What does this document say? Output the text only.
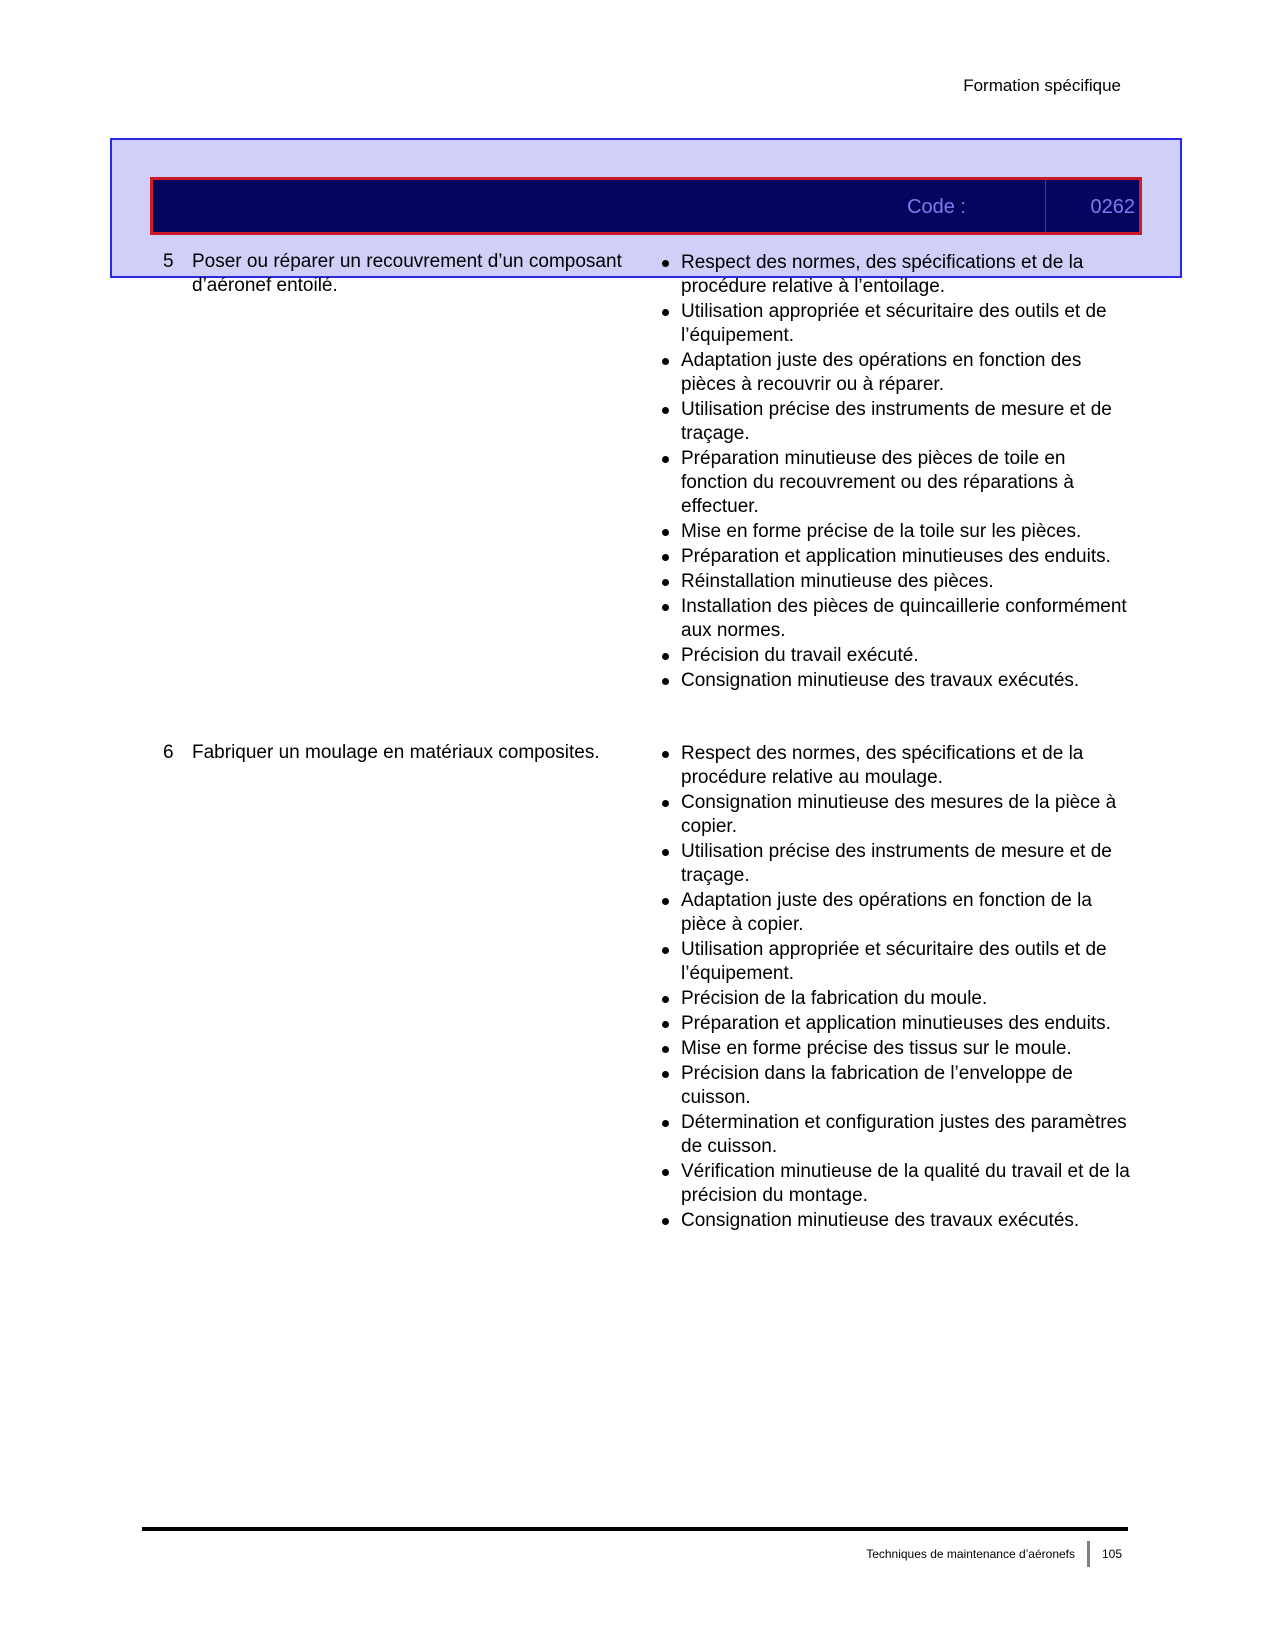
Formation spécifique
Code :	0262
5 Poser ou réparer un recouvrement d’un composant d’aéronef entoilé.
Respect des normes, des spécifications et de la procédure relative à l’entoilage.
Utilisation appropriée et sécuritaire des outils et de l’équipement.
Adaptation juste des opérations en fonction des pièces à recouvrir ou à réparer.
Utilisation précise des instruments de mesure et de traçage.
Préparation minutieuse des pièces de toile en fonction du recouvrement ou des réparations à effectuer.
Mise en forme précise de la toile sur les pièces.
Préparation et application minutieuses des enduits.
Réinstallation minutieuse des pièces.
Installation des pièces de quincaillerie conformément aux normes.
Précision du travail exécuté.
Consignation minutieuse des travaux exécutés.
6 Fabriquer un moulage en matériaux composites.	Respect des normes, des spécifications et de la procédure relative au moulage.
Consignation minutieuse des mesures de la pièce à copier.
Utilisation précise des instruments de mesure et de traçage.
Adaptation juste des opérations en fonction de la pièce à copier.
Utilisation appropriée et sécuritaire des outils et de l’équipement.
Précision de la fabrication du moule.
Préparation et application minutieuses des enduits.
Mise en forme précise des tissus sur le moule.
Précision dans la fabrication de l’enveloppe de cuisson.
Détermination et configuration justes des paramètres de cuisson.
Vérification minutieuse de la qualité du travail et de la précision du montage.
Consignation minutieuse des travaux exécutés.
Techniques de maintenance d’aéronefs 105
